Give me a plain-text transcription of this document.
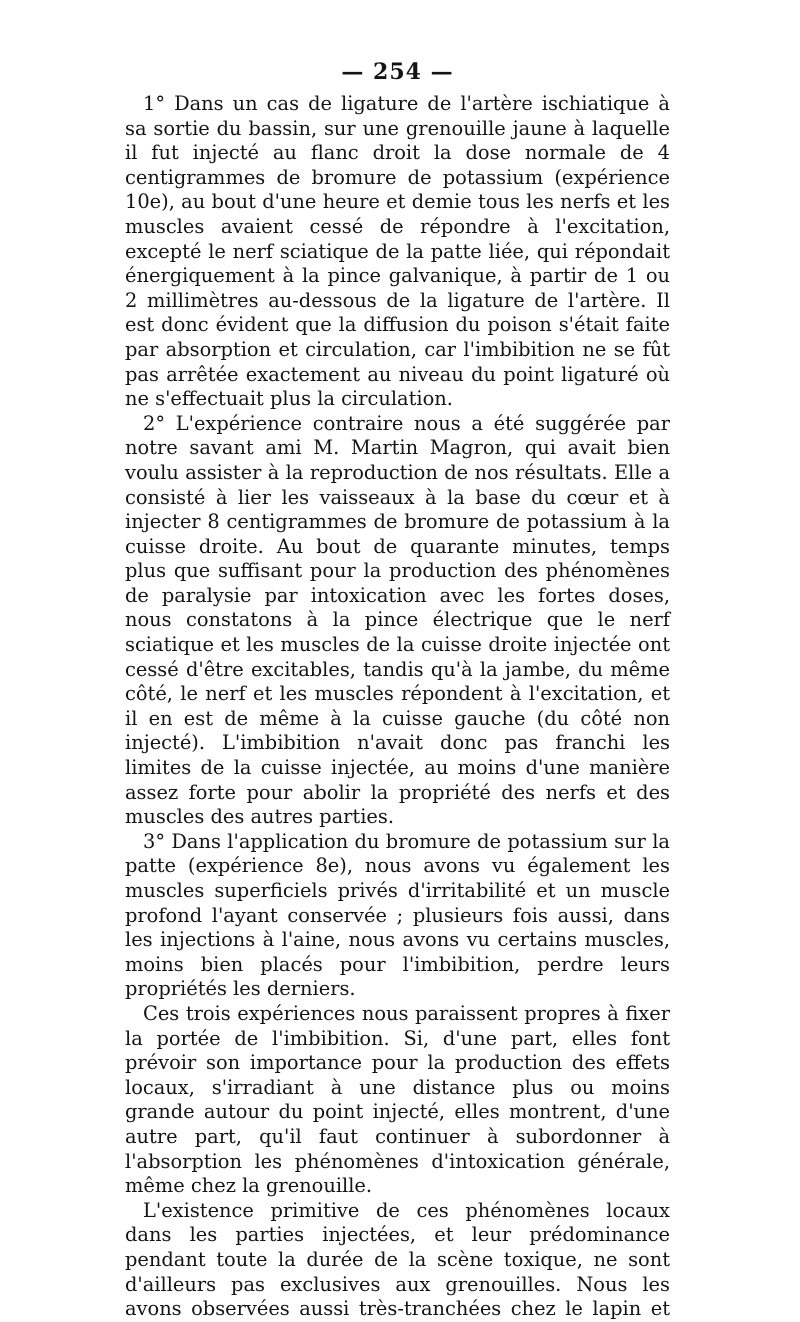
— 254 —

1° Dans un cas de ligature de l'artère ischiatique à sa sortie du bassin, sur une grenouille jaune à laquelle il fut injecté au flanc droit la dose normale de 4 centigrammes de bromure de potassium (expérience 10e), au bout d'une heure et demie tous les nerfs et les muscles avaient cessé de répondre à l'excitation, excepté le nerf sciatique de la patte liée, qui répondait énergiquement à la pince galvanique, à partir de 1 ou 2 millimètres au-dessous de la ligature de l'artère. Il est donc évident que la diffusion du poison s'était faite par absorption et circulation, car l'imbibition ne se fût pas arrêtée exactement au niveau du point ligaturé où ne s'effectuait plus la circulation.

2° L'expérience contraire nous a été suggérée par notre savant ami M. Martin Magron, qui avait bien voulu assister à la reproduction de nos résultats. Elle a consisté à lier les vaisseaux à la base du cœur et à injecter 8 centigrammes de bromure de potassium à la cuisse droite. Au bout de quarante minutes, temps plus que suffisant pour la production des phénomènes de paralysie par intoxication avec les fortes doses, nous constatons à la pince électrique que le nerf sciatique et les muscles de la cuisse droite injectée ont cessé d'être excitables, tandis qu'à la jambe, du même côté, le nerf et les muscles répondent à l'excitation, et il en est de même à la cuisse gauche (du côté non injecté). L'imbibition n'avait donc pas franchi les limites de la cuisse injectée, au moins d'une manière assez forte pour abolir la propriété des nerfs et des muscles des autres parties.

3° Dans l'application du bromure de potassium sur la patte (expérience 8e), nous avons vu également les muscles superficiels privés d'irritabilité et un muscle profond l'ayant conservée ; plusieurs fois aussi, dans les injections à l'aine, nous avons vu certains muscles, moins bien placés pour l'imbibition, perdre leurs propriétés les derniers.

Ces trois expériences nous paraissent propres à fixer la portée de l'imbibition. Si, d'une part, elles font prévoir son importance pour la production des effets locaux, s'irradiant à une distance plus ou moins grande autour du point injecté, elles montrent, d'une autre part, qu'il faut continuer à subordonner à l'absorption les phénomènes d'intoxication générale, même chez la grenouille.

L'existence primitive de ces phénomènes locaux dans les parties injectées, et leur prédominance pendant toute la durée de la scène toxique, ne sont d'ailleurs pas exclusives aux grenouilles. Nous les avons observées aussi très-tranchées chez le lapin et
